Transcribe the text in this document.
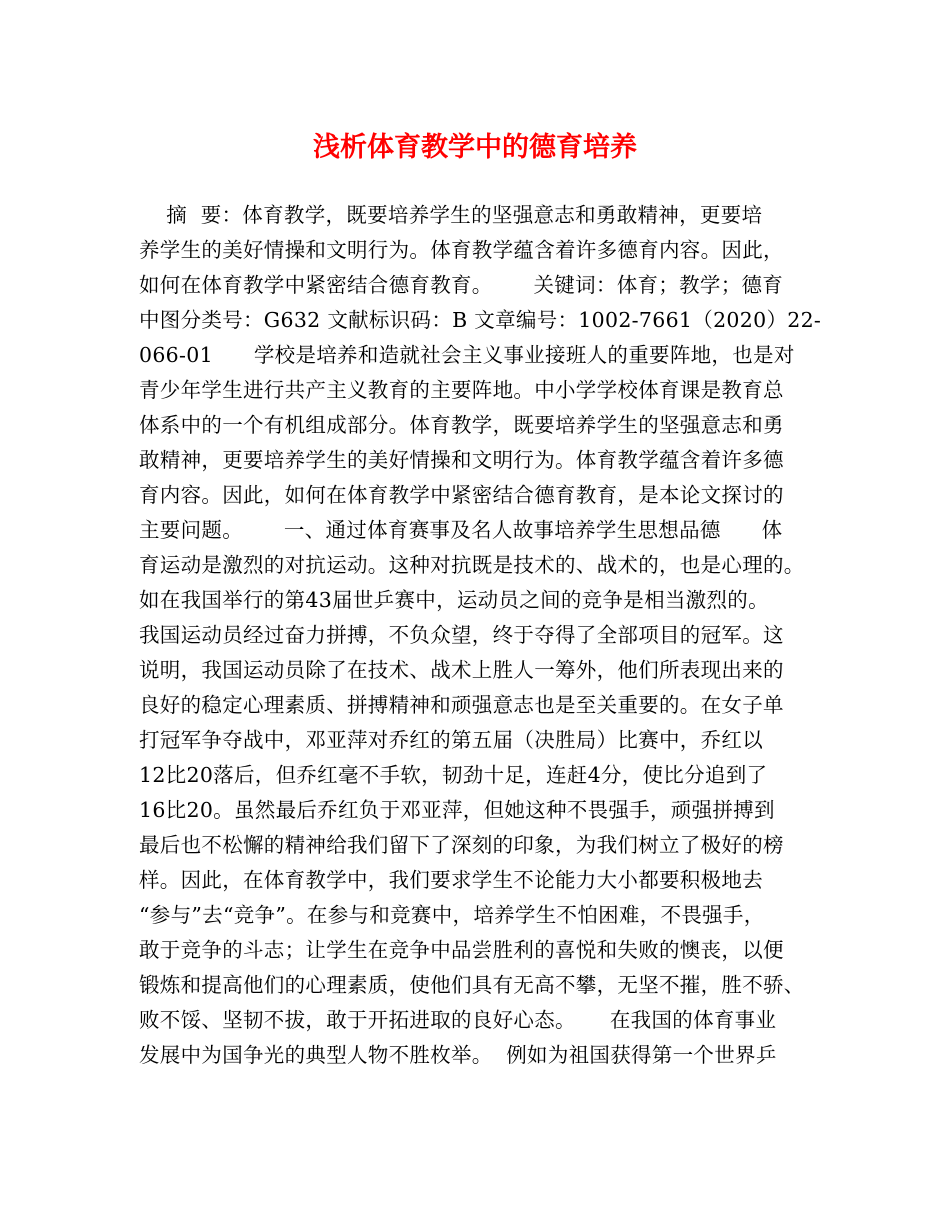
浅析体育教学中的德育培养
摘  要：体育教学，既要培养学生的坚强意志和勇敢精神，更要培
养学生的美好情操和文明行为。体育教学蕴含着许多德育内容。因此，
如何在体育教学中紧密结合德育教育。      关键词：体育；教学；德育
中图分类号：G632 文献标识码：B 文章编号：1002-7661（2020）22-
066-01      学校是培养和造就社会主义事业接班人的重要阵地，也是对
青少年学生进行共产主义教育的主要阵地。中小学学校体育课是教育总
体系中的一个有机组成部分。体育教学，既要培养学生的坚强意志和勇
敢精神，更要培养学生的美好情操和文明行为。体育教学蕴含着许多德
育内容。因此，如何在体育教学中紧密结合德育教育，是本论文探讨的
主要问题。      一、通过体育赛事及名人故事培养学生思想品德      体
育运动是激烈的对抗运动。这种对抗既是技术的、战术的，也是心理的。
如在我国举行的第43届世乒赛中，运动员之间的竞争是相当激烈的。
我国运动员经过奋力拼搏，不负众望，终于夺得了全部项目的冠军。这
说明，我国运动员除了在技术、战术上胜人一筹外，他们所表现出来的
良好的稳定心理素质、拼搏精神和顽强意志也是至关重要的。在女子单
打冠军争夺战中，邓亚萍对乔红的第五届（决胜局）比赛中，乔红以
12比20落后，但乔红毫不手软，韧劲十足，连赶4分，使比分追到了
16比20。虽然最后乔红负于邓亚萍，但她这种不畏强手，顽强拼搏到
最后也不松懈的精神给我们留下了深刻的印象，为我们树立了极好的榜
样。因此，在体育教学中，我们要求学生不论能力大小都要积极地去
“参与”去“竞争”。在参与和竞赛中，培养学生不怕困难，不畏强手，
敢于竞争的斗志；让学生在竞争中品尝胜利的喜悦和失败的懊丧，以便
锻炼和提高他们的心理素质，使他们具有无高不攀，无坚不摧，胜不骄、
败不馁、坚韧不拔，敢于开拓进取的良好心态。     在我国的体育事业
发展中为国争光的典型人物不胜枚举。  例如为祖国获得第一个世界乒
